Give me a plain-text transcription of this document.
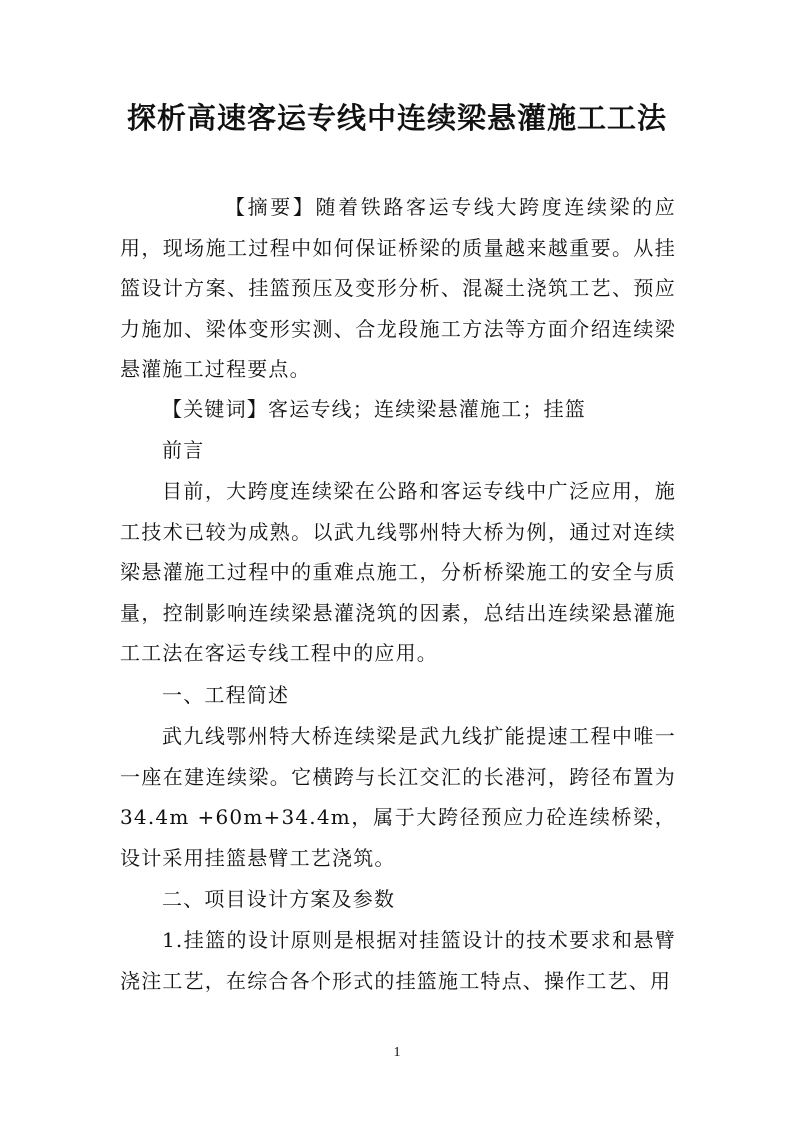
探析高速客运专线中连续梁悬灌施工工法

【摘要】随着铁路客运专线大跨度连续梁的应用，现场施工过程中如何保证桥梁的质量越来越重要。从挂篮设计方案、挂篮预压及变形分析、混凝土浇筑工艺、预应力施加、梁体变形实测、合龙段施工方法等方面介绍连续梁悬灌施工过程要点。

【关键词】客运专线；连续梁悬灌施工；挂篮

前言

目前，大跨度连续梁在公路和客运专线中广泛应用，施工技术已较为成熟。以武九线鄂州特大桥为例，通过对连续梁悬灌施工过程中的重难点施工，分析桥梁施工的安全与质量，控制影响连续梁悬灌浇筑的因素，总结出连续梁悬灌施工工法在客运专线工程中的应用。

一、工程简述

武九线鄂州特大桥连续梁是武九线扩能提速工程中唯一一座在建连续梁。它横跨与长江交汇的长港河，跨径布置为34.4m +60m+34.4m，属于大跨径预应力砼连续桥梁，设计采用挂篮悬臂工艺浇筑。

二、项目设计方案及参数

1.挂篮的设计原则是根据对挂篮设计的技术要求和悬臂浇注工艺，在综合各个形式的挂篮施工特点、操作工艺、用

1
